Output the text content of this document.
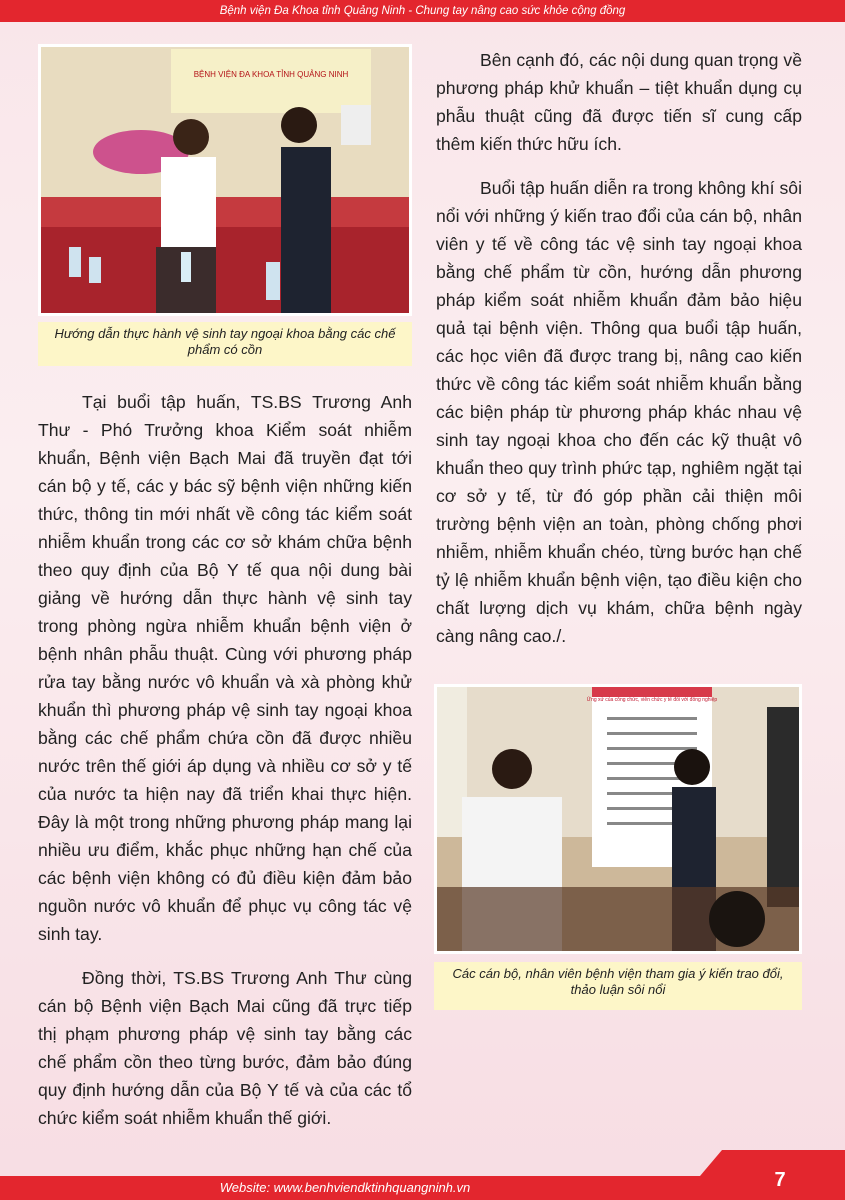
Bệnh viện Đa Khoa tỉnh Quảng Ninh - Chung tay nâng cao sức khỏe cộng đồng
BỆNH VIỆN ĐA KHOA TỈNH QUẢNG NINH
Hướng dẫn thực hành vệ sinh tay ngoại khoa bằng các chế phẩm có cồn

Tại buổi tập huấn, TS.BS Trương Anh Thư - Phó Trưởng khoa Kiểm soát nhiễm khuẩn, Bệnh viện Bạch Mai đã truyền đạt tới cán bộ y tế, các y bác sỹ bệnh viện những kiến thức, thông tin mới nhất về công tác kiểm soát nhiễm khuẩn trong các cơ sở khám chữa bệnh theo quy định của Bộ Y tế qua nội dung bài giảng về hướng dẫn thực hành vệ sinh tay trong phòng ngừa nhiễm khuẩn bệnh viện ở bệnh nhân phẫu thuật. Cùng với phương pháp rửa tay bằng nước vô khuẩn và xà phòng khử khuẩn thì phương pháp vệ sinh tay ngoại khoa bằng các chế phẩm chứa cồn đã được nhiều nước trên thế giới áp dụng và nhiều cơ sở y tế của nước ta hiện nay đã triển khai thực hiện. Đây là một trong những phương pháp mang lại nhiều ưu điểm, khắc phục những hạn chế của các bệnh viện không có đủ điều kiện đảm bảo nguồn nước vô khuẩn để phục vụ công tác vệ sinh tay.

Đồng thời, TS.BS Trương Anh Thư cùng cán bộ Bệnh viện Bạch Mai cũng đã trực tiếp thị phạm phương pháp vệ sinh tay bằng các chế phẩm cồn theo từng bước, đảm bảo đúng quy định hướng dẫn của Bộ Y tế và của các tổ chức kiểm soát nhiễm khuẩn thế giới.

Bên cạnh đó, các nội dung quan trọng về phương pháp khử khuẩn – tiệt khuẩn dụng cụ phẫu thuật cũng đã được tiến sĩ cung cấp thêm kiến thức hữu ích.

Buổi tập huấn diễn ra trong không khí sôi nổi với những ý kiến trao đổi của cán bộ, nhân viên y tế về công tác vệ sinh tay ngoại khoa bằng chế phẩm từ cồn, hướng dẫn phương pháp kiểm soát nhiễm khuẩn đảm bảo hiệu quả tại bệnh viện. Thông qua buổi tập huấn, các học viên đã được trang bị, nâng cao kiến thức về công tác kiểm soát nhiễm khuẩn bằng các biện pháp từ phương pháp khác nhau vệ sinh tay ngoại khoa cho đến các kỹ thuật vô khuẩn theo quy trình phức tạp, nghiêm ngặt tại cơ sở y tế, từ đó góp phần cải thiện môi trường bệnh viện an toàn, phòng chống phơi nhiễm, nhiễm khuẩn chéo, từng bước hạn chế tỷ lệ nhiễm khuẩn bệnh viện, tạo điều kiện cho chất lượng dịch vụ khám, chữa bệnh ngày càng nâng cao./.

Ứng xử của công chức, viên chức y tế đối với đồng nghiệp
Các cán bộ, nhân viên bệnh viện tham gia ý kiến trao đổi, thảo luận sôi nổi
Website: www.benhviendktinhquangninh.vn	7
